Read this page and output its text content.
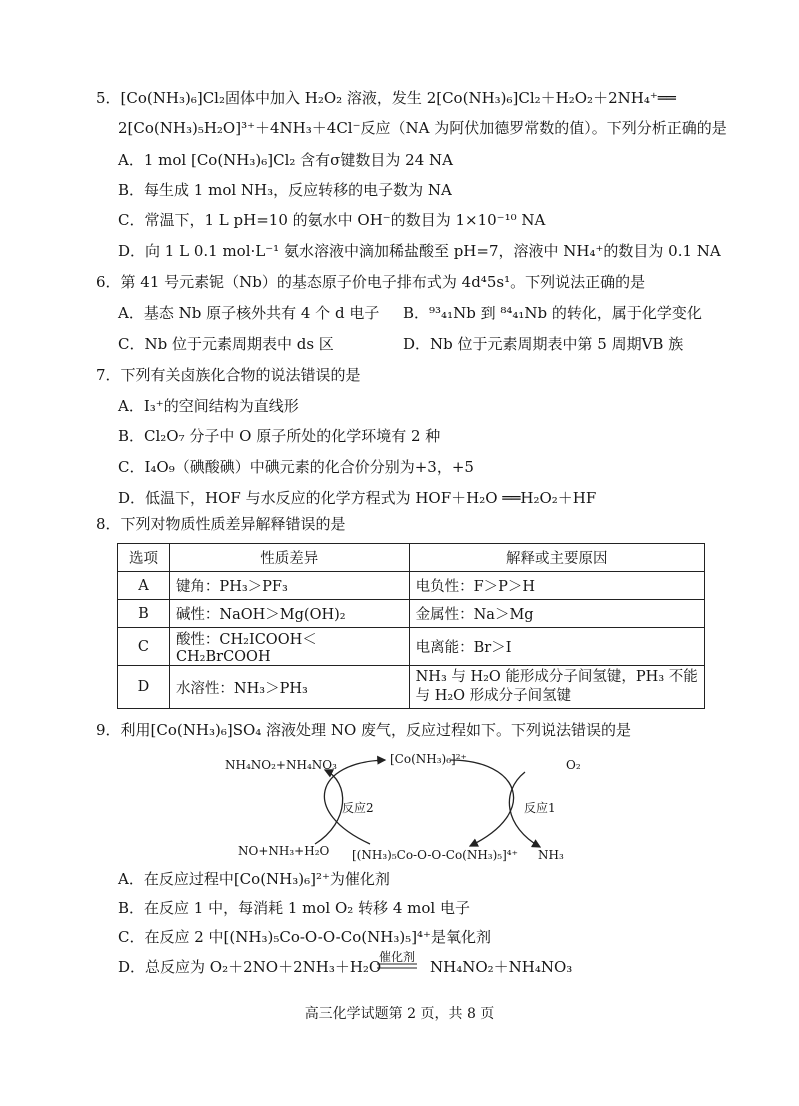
5．[Co(NH₃)₆]Cl₂固体中加入 H₂O₂ 溶液，发生 2[Co(NH₃)₆]Cl₂＋H₂O₂＋2NH₄⁺══
2[Co(NH₃)₅H₂O]³⁺＋4NH₃＋4Cl⁻反应（NA 为阿伏加德罗常数的值）。下列分析正确的是
A．1 mol [Co(NH₃)₆]Cl₂ 含有σ键数目为 24 NA
B．每生成 1 mol NH₃，反应转移的电子数为 NA
C．常温下，1 L pH=10 的氨水中 OH⁻的数目为 1×10⁻¹⁰ NA
D．向 1 L 0.1 mol·L⁻¹ 氨水溶液中滴加稀盐酸至 pH=7，溶液中 NH₄⁺的数目为 0.1 NA
6．第 41 号元素铌（Nb）的基态原子价电子排布式为 4d⁴5s¹。下列说法正确的是
A．基态 Nb 原子核外共有 4 个 d 电子 B．⁹³₄₁Nb 到 ⁸⁴₄₁Nb 的转化，属于化学变化
C．Nb 位于元素周期表中 ds 区	D．Nb 位于元素周期表中第 5 周期VB 族
7．下列有关卤族化合物的说法错误的是
A．I₃⁺的空间结构为直线形
B．Cl₂O₇ 分子中 O 原子所处的化学环境有 2 种
C．I₄O₉（碘酸碘）中碘元素的化合价分别为+3，+5
D．低温下，HOF 与水反应的化学方程式为 HOF＋H₂O ══H₂O₂＋HF
8．下列对物质性质差异解释错误的是
选项	性质差异	解释或主要原因
A	键角：PH₃＞PF₃	电负性：F＞P＞H
B	碱性：NaOH＞Mg(OH)₂	金属性：Na＞Mg
C	酸性：CH₂ICOOH＜CH₂BrCOOH	电离能：Br＞I
D	水溶性：NH₃＞PH₃	NH₃ 与 H₂O 能形成分子间氢键，PH₃ 不能
与 H₂O 形成分子间氢键
9．利用[Co(NH₃)₆]SO₄ 溶液处理 NO 废气，反应过程如下。下列说法错误的是
NH₄NO₂+NH₄NO₃	[Co(NH₃)₆]²⁺	O₂
反应2	反应1
NO+NH₃+H₂O [(NH₃)₅Co-O-O-Co(NH₃)₅]⁴⁺ NH₃
A．在反应过程中[Co(NH₃)₆]²⁺为催化剂
B．在反应 1 中，每消耗 1 mol O₂ 转移 4 mol 电子
C．在反应 2 中[(NH₃)₅Co-O-O-Co(NH₃)₅]⁴⁺是氧化剂
D．总反应为 O₂＋2NO＋2NH₃＋H₂O
催化剂
NH₄NO₂＋NH₄NO₃
高三化学试题第 2 页，共 8 页
